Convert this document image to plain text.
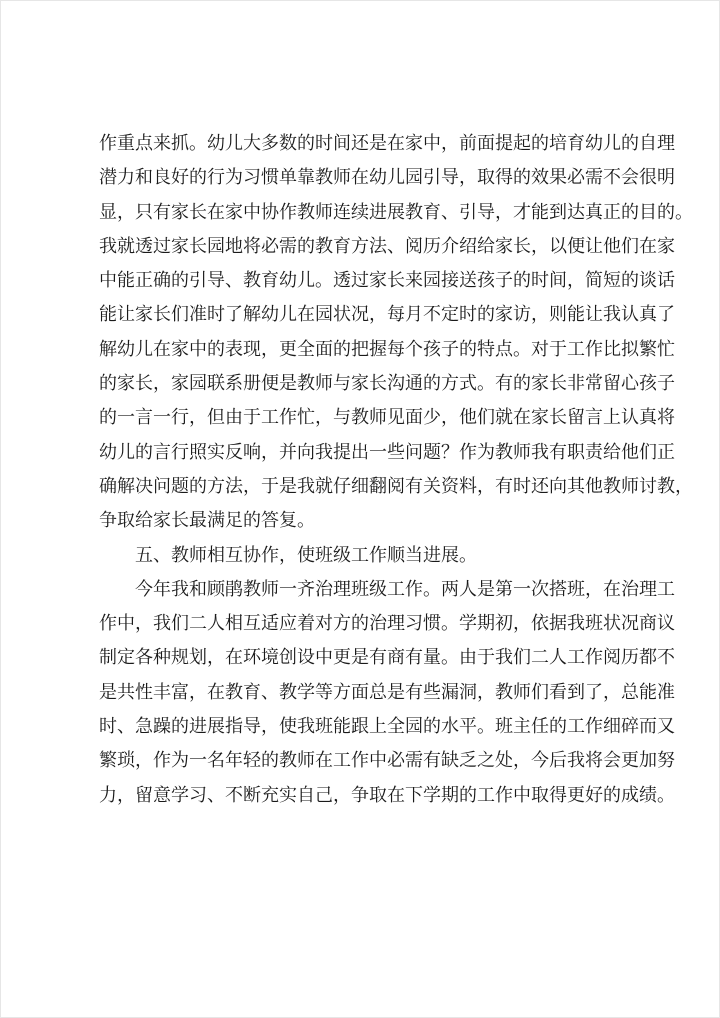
作重点来抓。幼儿大多数的时间还是在家中，前面提起的培育幼儿的自理
潜力和良好的行为习惯单靠教师在幼儿园引导，取得的效果必需不会很明
显，只有家长在家中协作教师连续进展教育、引导，才能到达真正的目的。
我就透过家长园地将必需的教育方法、阅历介绍给家长，以便让他们在家
中能正确的引导、教育幼儿。透过家长来园接送孩子的时间，简短的谈话
能让家长们准时了解幼儿在园状况，每月不定时的家访，则能让我认真了
解幼儿在家中的表现，更全面的把握每个孩子的特点。对于工作比拟繁忙
的家长，家园联系册便是教师与家长沟通的方式。有的家长非常留心孩子
的一言一行，但由于工作忙，与教师见面少，他们就在家长留言上认真将
幼儿的言行照实反响，并向我提出一些问题？作为教师我有职责给他们正
确解决问题的方法，于是我就仔细翻阅有关资料，有时还向其他教师讨教，
争取给家长最满足的答复。
五、教师相互协作，使班级工作顺当进展。
今年我和顾鹃教师一齐治理班级工作。两人是第一次搭班，在治理工
作中，我们二人相互适应着对方的治理习惯。学期初，依据我班状况商议
制定各种规划，在环境创设中更是有商有量。由于我们二人工作阅历都不
是共性丰富，在教育、教学等方面总是有些漏洞，教师们看到了，总能准
时、急躁的进展指导，使我班能跟上全园的水平。班主任的工作细碎而又
繁琐，作为一名年轻的教师在工作中必需有缺乏之处，今后我将会更加努
力，留意学习、不断充实自己，争取在下学期的工作中取得更好的成绩。
